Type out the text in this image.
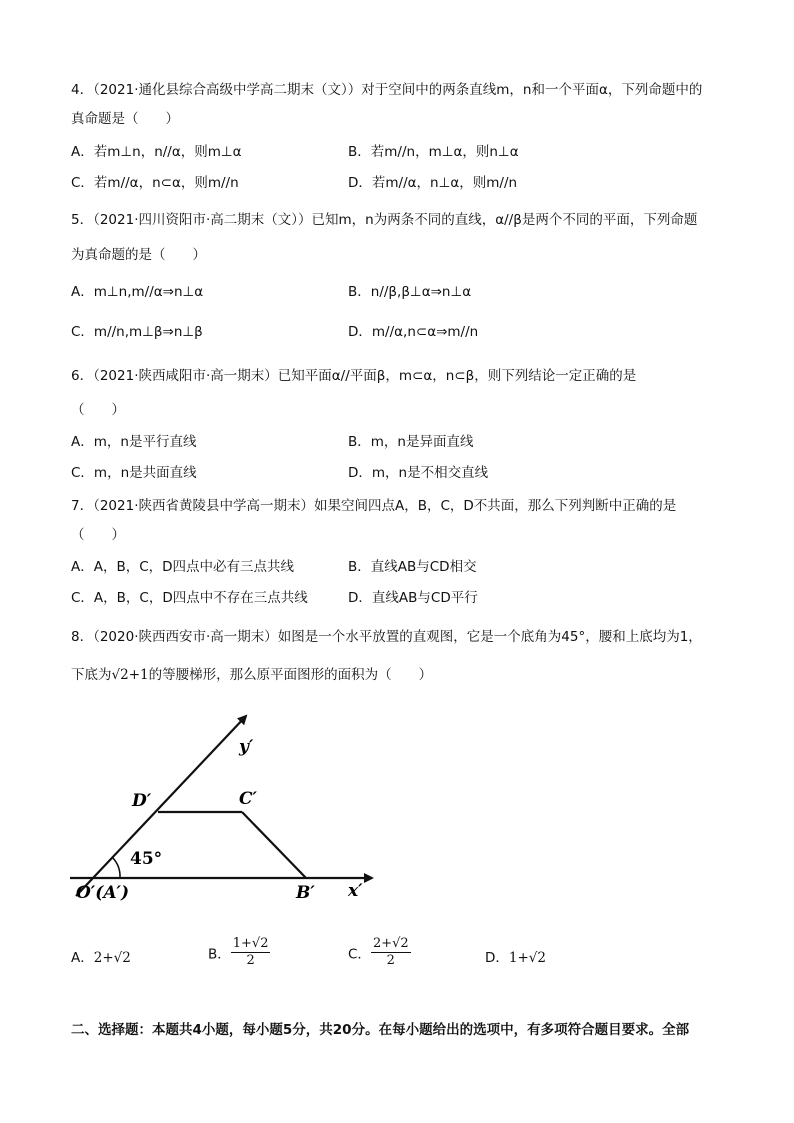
4．（2021·通化县综合高级中学高二期末（文））对于空间中的两条直线m，n和一个平面α，下列命题中的
真命题是（　　）
A．若m⊥n，n//α，则m⊥α	B．若m//n，m⊥α，则n⊥α
C．若m//α，n⊂α，则m//n	D．若m//α，n⊥α，则m//n
5．（2021·四川资阳市·高二期末（文））已知m，n为两条不同的直线，α//β是两个不同的平面，下列命题
为真命题的是（　　）
A．m⊥n,m//α⇒n⊥α	B．n//β,β⊥α⇒n⊥α
C．m//n,m⊥β⇒n⊥β	D．m//α,n⊂α⇒m//n
6．（2021·陕西咸阳市·高一期末）已知平面α//平面β，m⊂α，n⊂β，则下列结论一定正确的是
（　　）
A．m，n是平行直线	B．m，n是异面直线
C．m，n是共面直线	D．m，n是不相交直线
7．（2021·陕西省黄陵县中学高一期末）如果空间四点A，B，C，D不共面，那么下列判断中正确的是
（　　）
A．A，B，C，D四点中必有三点共线	B．直线AB与CD相交
C．A，B，C，D四点中不存在三点共线	D．直线AB与CD平行
8．（2020·陕西西安市·高一期末）如图是一个水平放置的直观图，它是一个底角为45°，腰和上底均为1，
下底为√2+1的等腰梯形，那么原平面图形的面积为（　　）
y′
D′	C′
45°
O′(A′)	B′ x′
A．2+√2	B． $\frac{1+√2}{2}$	C． $\frac{2+√2}{2}$	D．1+√2
二、选择题：本题共4小题，每小题5分，共20分。在每小题给出的选项中，有多项符合题目要求。全部
